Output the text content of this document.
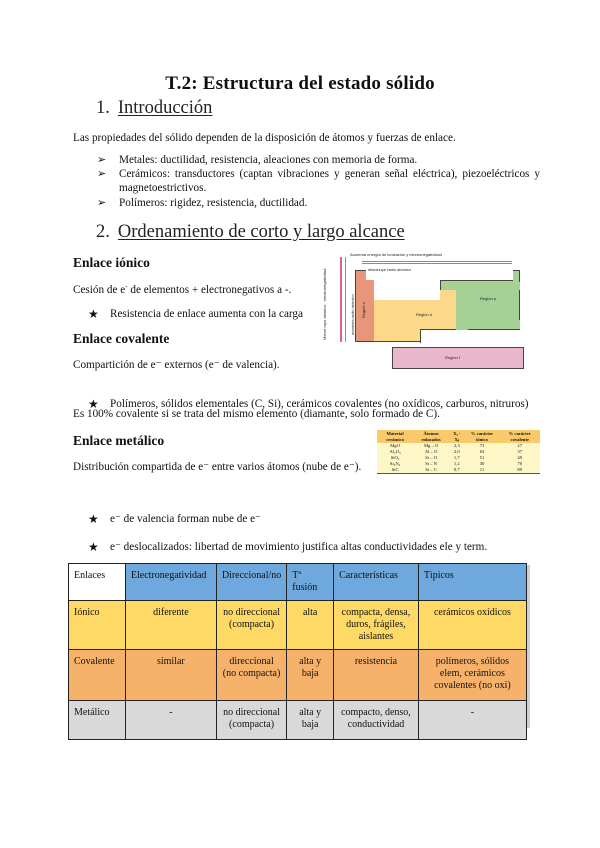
T.2: Estructura del estado sólido
1. Introducción
Las propiedades del sólido dependen de la disposición de átomos y fuerzas de enlace.
➢ Metales: ductilidad, resistencia, aleaciones con memoria de forma.
➢ Cerámicos: transductores (captan vibraciones y generan señal eléctrica), piezoeléctricos y magnetoestrictivos.
➢ Polímeros: rigidez, resistencia, ductilidad.
2. Ordenamiento de corto y largo alcance
Enlace iónico
Cesión de e- de elementos + electronegativos a -.
★ Resistencia de enlace aumenta con la carga
Enlace covalente
Compartición de e⁻ externos (e⁻ de valencia).
★ Polímeros, sólidos elementales (C, Si), cerámicos covalentes (no oxídicos, carburos, nitruros)
Es 100% covalente si se trata del mismo elemento (diamante, solo formado de C).
Enlace metálico
Distribución compartida de e⁻ entre varios átomos (nube de e⁻).
★ e⁻ de valencia forman nube de e⁻
★ e⁻ deslocalizados: libertad de movimiento justifica altas conductividades ele y term.
Menor rayo atómico · electronegatividad	aumenta radio atómico
Aumenta energía de ionización y electronegatividad
disminuye radio atómico
Región s	Región d
Región p
Región f
Material cerámico	Átomos enlazados	Xₐ - Xᵦ	% carácter iónico	% carácter covalente
MgO	Mg – O	2,3	73	27
Al₂O₃	Al – O	2,0	63	37
SiO₂	Si – O	1,7	51	49
Si₃N₄	Si – N	1,2	30	70
SiC	Si – C	0,7	11	89
Enlaces	Electronegatividad	Direccional/no	Tª fusión	Características	Típicos
Iónico	diferente	no direccional (compacta)	alta	compacta, densa, duros, frágiles, aislantes	cerámicos oxídicos
Covalente	similar	direccional (no compacta)	alta y baja	resistencia	polímeros, sólidos elem, cerámicos covalentes (no oxi)
Metálico	-	no direccional (compacta)	alta y baja	compacto, denso, conductividad	-
